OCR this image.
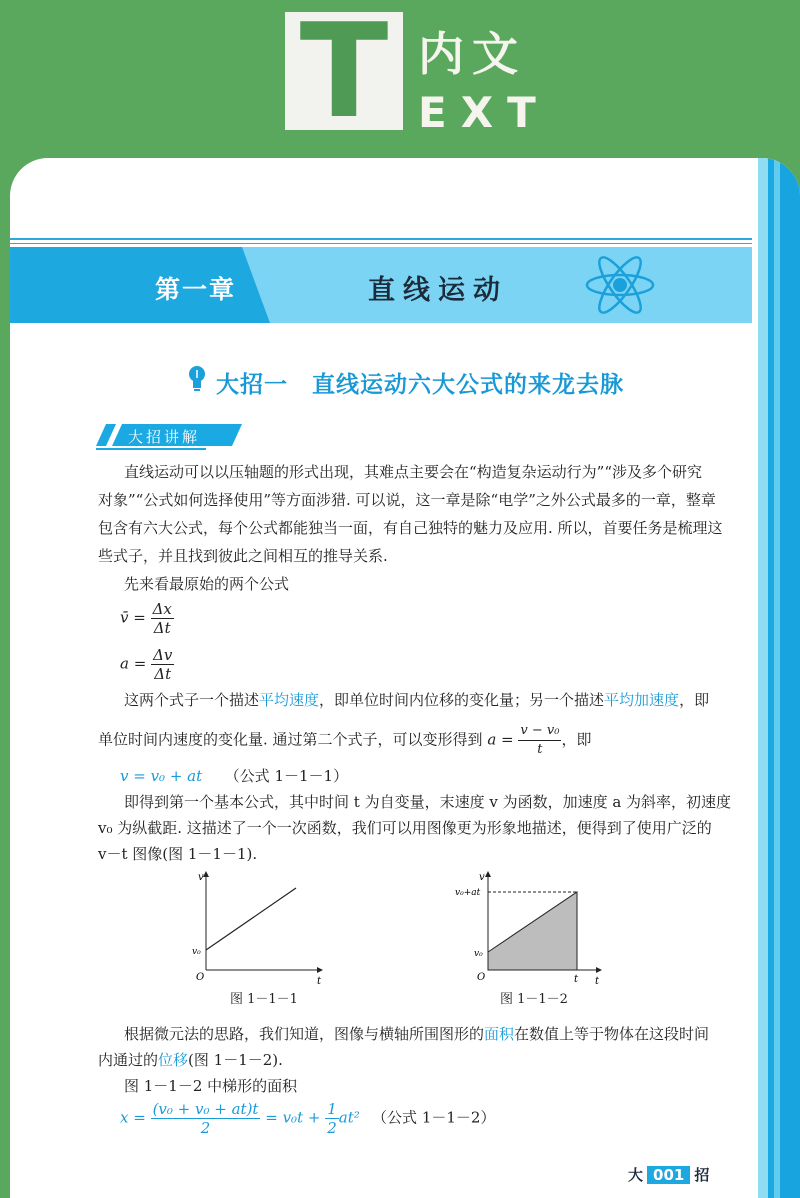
T 内文
EXT
第一章	直线运动
大招一　直线运动六大公式的来龙去脉
大招讲解
直线运动可以以压轴题的形式出现，其难点主要会在“构造复杂运动行为”“涉及多个研究
对象”“公式如何选择使用”等方面涉猎. 可以说，这一章是除“电学”之外公式最多的一章，整章
包含有六大公式，每个公式都能独当一面，有自己独特的魅力及应用. 所以，首要任务是梳理这
些式子，并且找到彼此之间相互的推导关系.
先来看最原始的两个公式
v̄ = $\frac{\Delta x}{\Delta t}$
$a = \frac{\Delta v}{\Delta t}$
这两个式子一个描述平均速度，即单位时间内位移的变化量；另一个描述平均加速度，即
单位时间内速度的变化量. 通过第二个式子，可以变形得到 $a = \frac{\text{v − v₀}}{t}$ ，即
v = v₀ + at　　 （公式 1－1－1）
即得到第一个基本公式，其中时间 t 为自变量，末速度 v 为函数，加速度 a 为斜率，初速度
v₀ 为纵截距. 这描述了一个一次函数，我们可以用图像更为形象地描述，便得到了使用广泛的
v－t 图像(图 1－1－1).
v
t
O
v₀
图 1－1－1
v
t
t
O
v₀
v₀+at
图 1－1－2
根据微元法的思路，我们知道，图像与横轴所围图形的面积在数值上等于物体在这段时间
内通过的位移(图 1－1－2).
图 1－1－2 中梯形的面积
$x = \frac{\text{(v₀ + v₀ + at)t}}{2} = v_0t + \frac{1}{2} at^2$ 　 （公式 1－1－2）
大 001 招
